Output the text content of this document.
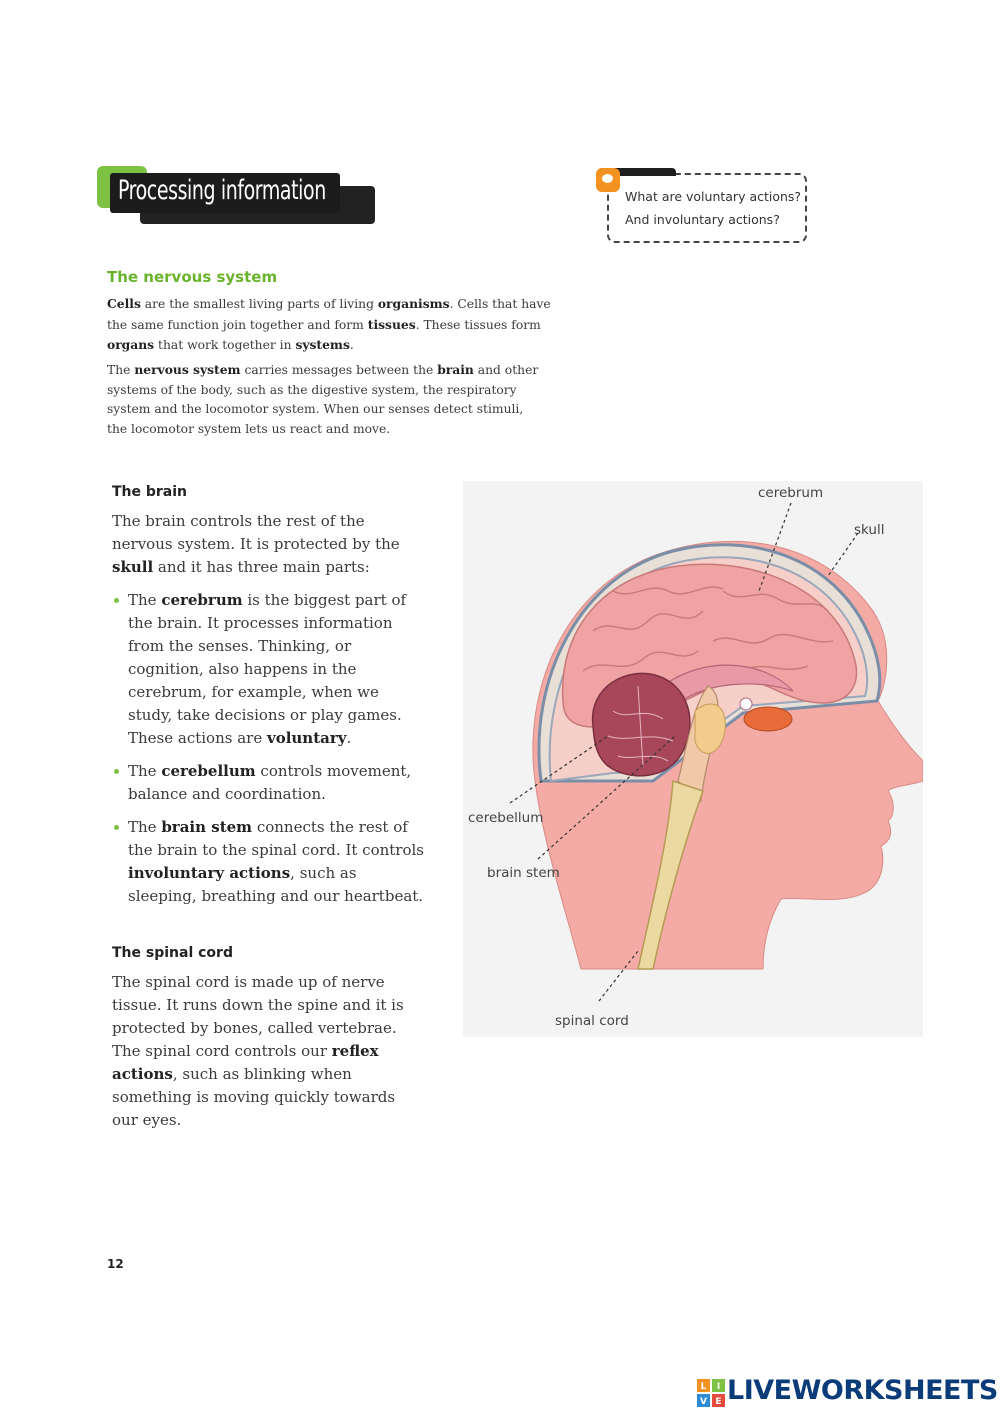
Processing information	What are voluntary actions?
And involuntary actions?
The nervous system
Cells are the smallest living parts of living organisms. Cells that have the same function join together and form tissues. These tissues form organs that work together in systems.
The nervous system carries messages between the brain and other systems of the body, such as the digestive system, the respiratory system and the locomotor system. When our senses detect stimuli, the locomotor system lets us react and move.
The brain
The brain controls the rest of the nervous system. It is protected by the skull and it has three main parts:
The cerebrum is the biggest part of the brain. It processes information from the senses. Thinking, or cognition, also happens in the cerebrum, for example, when we study, take decisions or play games. These actions are voluntary.
The cerebellum controls movement, balance and coordination.
The brain stem connects the rest of the brain to the spinal cord. It controls involuntary actions, such as sleeping, breathing and our heartbeat.
The spinal cord
The spinal cord is made up of nerve tissue. It runs down the spine and it is protected by bones, called vertebrae. The spinal cord controls our reflex actions, such as blinking when something is moving quickly towards our eyes.
cerebrum
skull
cerebellum
brain stem
spinal cord
12
L I
V E LIVEWORKSHEETS
